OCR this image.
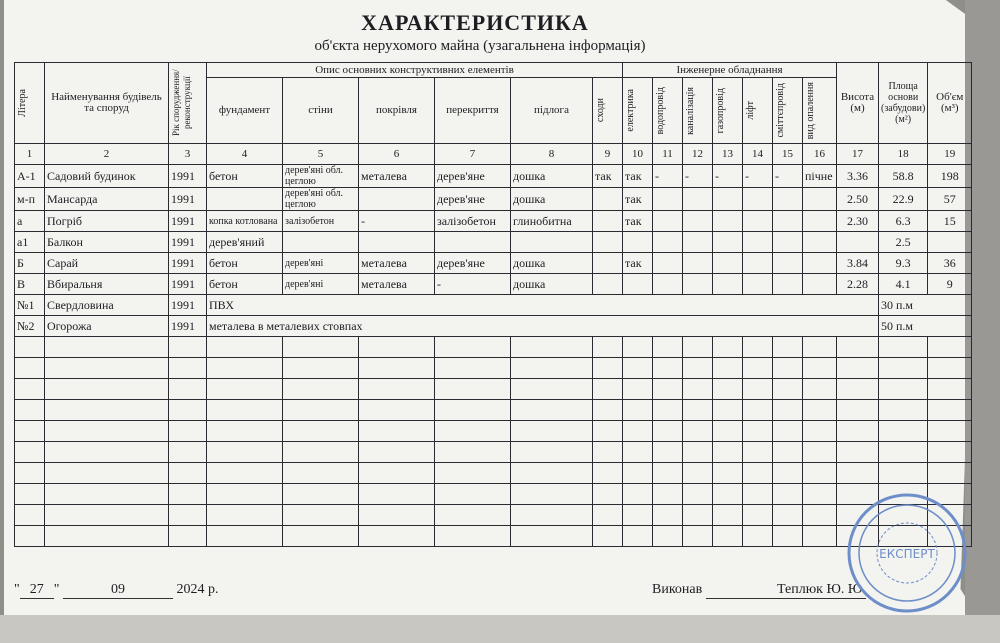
ХАРАКТЕРИСТИКА
об'єкта нерухомого майна (узагальнена інформація)
Літера	Найменування будівель та споруд	Рік спорудження/ реконструкції	Опис основних конструктивних елементів						Інженерне обладнання							Висота (м)	Площа основи (забудови) (м²)	Об'єм (м³)
			фундамент	стіни	покрівля	перекриття	підлога	сходи	електрика	водопровід	каналізація	газопровід	ліфт	сміттєпровід	вид опалення			

1	2	3	4	5	6	7	8	9	10	11	12	13	14	15	16	17	18	19
А-1	Садовий будинок	1991	бетон	дерев'яні обл. цеглою	металева	дерев'яне	дошка	так	так	-	-	-	-	-	пічне	3.36	58.8	198
м-п	Мансарда	1991		дерев'яні обл. цеглою		дерев'яне	дошка		так							2.50	22.9	57
а	Погріб	1991	копка котлована	залізобетон	-	залізобетон	глинобитна		так							2.30	6.3	15
а1	Балкон	1991	дерев'яний														2.5	
Б	Сарай	1991	бетон	дерев'яні	металева	дерев'яне	дошка		так							3.84	9.3	36
В	Вбиральня	1991	бетон	дерев'яні	металева	-	дошка									2.28	4.1	9
№1	Свердловина	1991	ПВХ														30 п.м	
№2	Огорожа	1991	металева в металевих стовпах														50 п.м	

" 27 "	09	2024 р.	Виконав	Теплюк Ю. Ю.
ЕКСПЕРТ
